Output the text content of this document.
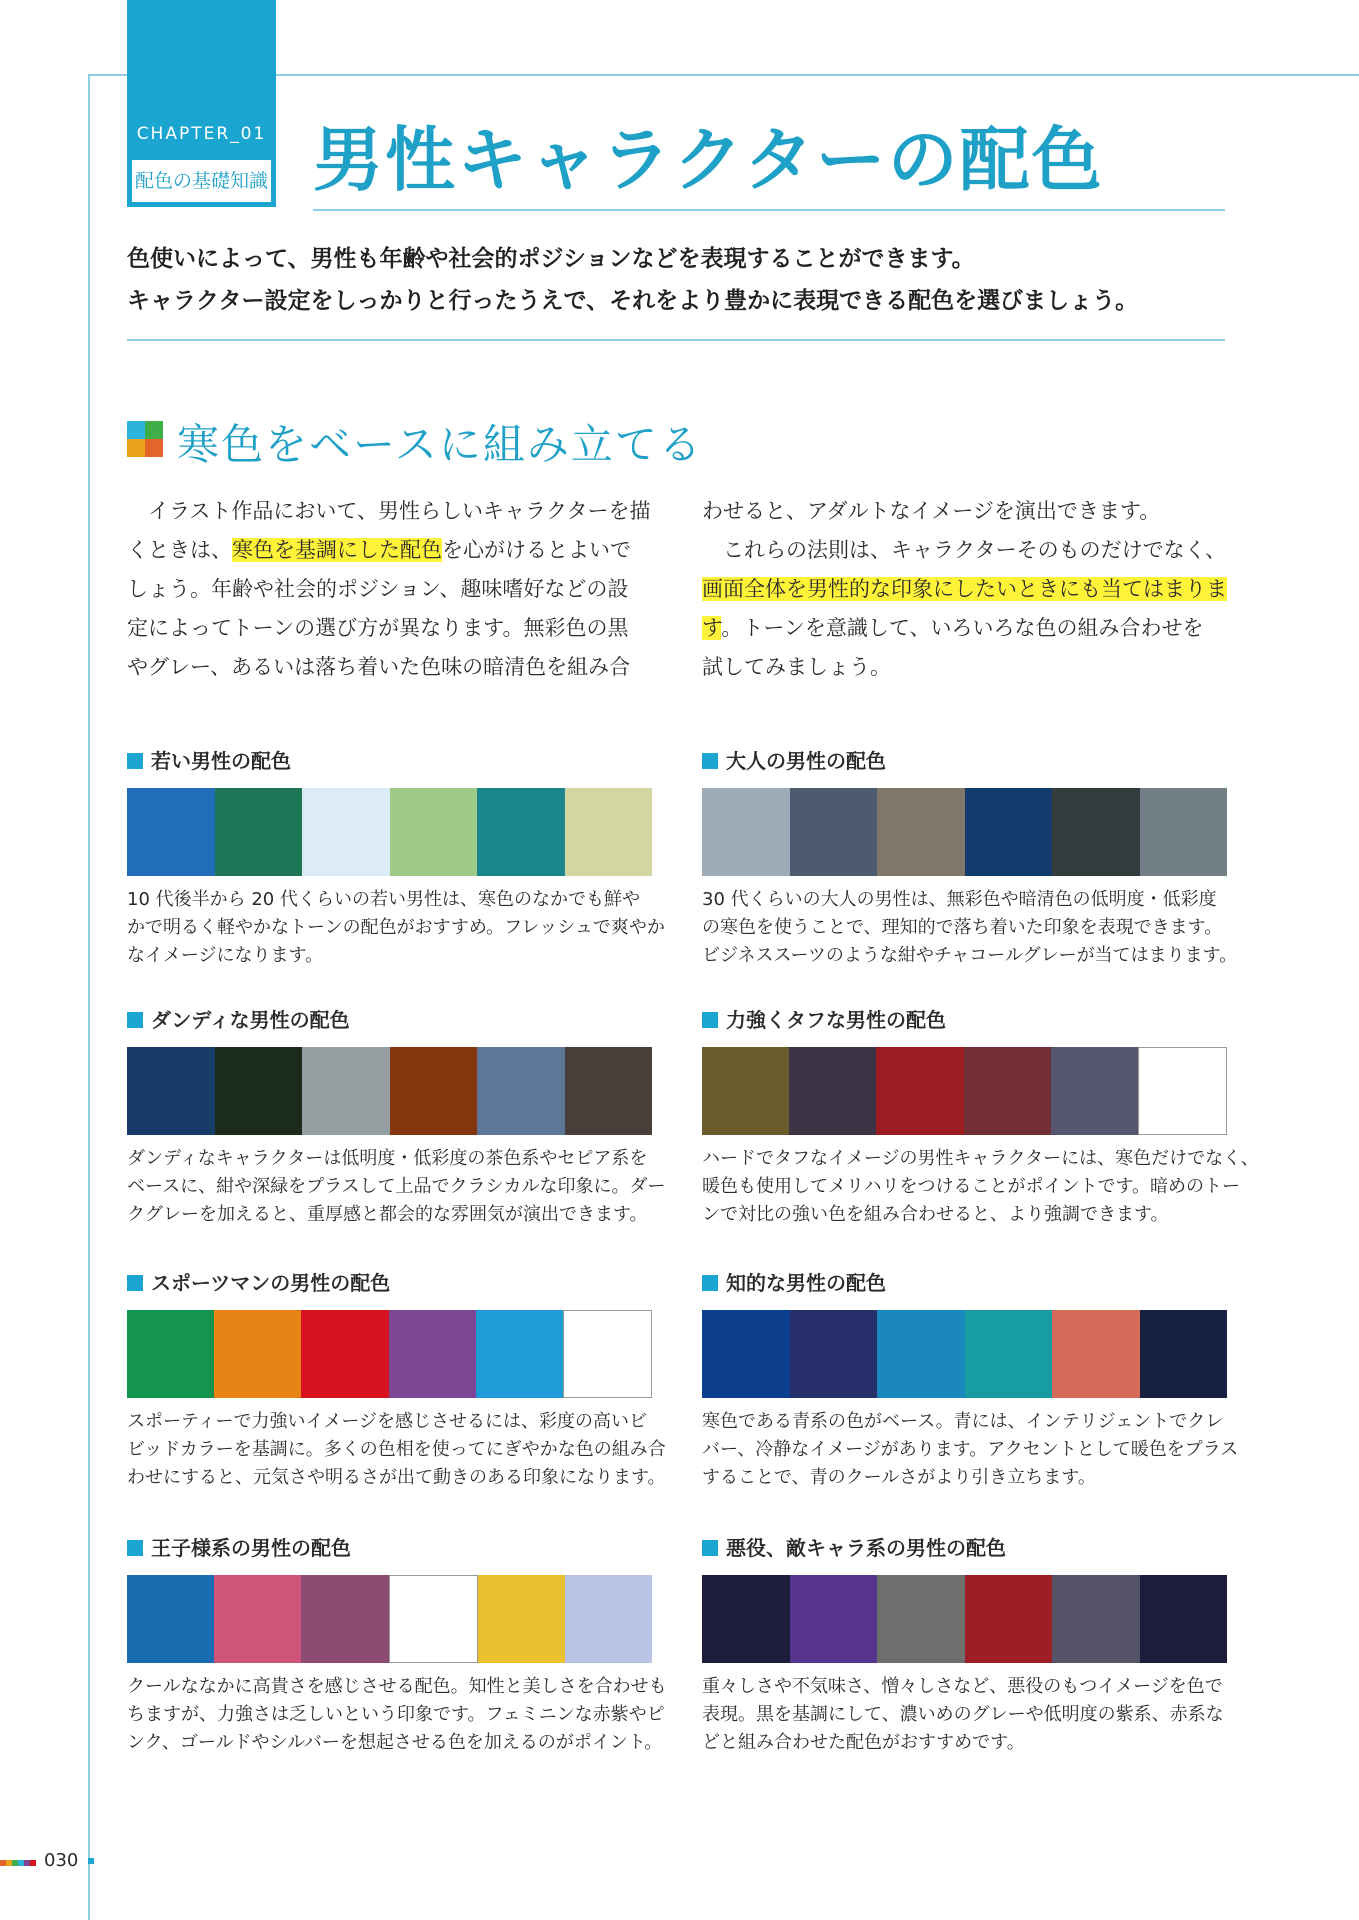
CHAPTER_01
配色の基礎知識 男性キャラクターの配色

色使いによって、男性も年齢や社会的ポジションなどを表現することができます。

キャラクター設定をしっかりと行ったうえで、それをより豊かに表現できる配色を選びましょう。

寒色をベースに組み立てる

　イラスト作品において、男性らしいキャラクターを描

くときは、寒色を基調にした配色を心がけるとよいで

しょう。年齢や社会的ポジション、趣味嗜好などの設

定によってトーンの選び方が異なります。無彩色の黒

やグレー、あるいは落ち着いた色味の暗清色を組み合

わせると、アダルトなイメージを演出できます。

　これらの法則は、キャラクターそのものだけでなく、

画面全体を男性的な印象にしたいときにも当てはまりま

す。トーンを意識して、いろいろな色の組み合わせを

試してみましょう。

若い男性の配色

10 代後半から 20 代くらいの若い男性は、寒色のなかでも鮮や

かで明るく軽やかなトーンの配色がおすすめ。フレッシュで爽やか

なイメージになります。

大人の男性の配色

30 代くらいの大人の男性は、無彩色や暗清色の低明度・低彩度

の寒色を使うことで、理知的で落ち着いた印象を表現できます。

ビジネススーツのような紺やチャコールグレーが当てはまります。

ダンディな男性の配色

ダンディなキャラクターは低明度・低彩度の茶色系やセピア系を

ベースに、紺や深緑をプラスして上品でクラシカルな印象に。ダー

クグレーを加えると、重厚感と都会的な雰囲気が演出できます。

力強くタフな男性の配色

ハードでタフなイメージの男性キャラクターには、寒色だけでなく、

暖色も使用してメリハリをつけることがポイントです。暗めのトー

ンで対比の強い色を組み合わせると、より強調できます。

スポーツマンの男性の配色

スポーティーで力強いイメージを感じさせるには、彩度の高いビ

ビッドカラーを基調に。多くの色相を使ってにぎやかな色の組み合

わせにすると、元気さや明るさが出て動きのある印象になります。

知的な男性の配色

寒色である青系の色がベース。青には、インテリジェントでクレ

バー、冷静なイメージがあります。アクセントとして暖色をプラス

することで、青のクールさがより引き立ちます。

王子様系の男性の配色

クールななかに高貴さを感じさせる配色。知性と美しさを合わせも

ちますが、力強さは乏しいという印象です。フェミニンな赤紫やピ

ンク、ゴールドやシルバーを想起させる色を加えるのがポイント。

悪役、敵キャラ系の男性の配色

重々しさや不気味さ、憎々しさなど、悪役のもつイメージを色で

表現。黒を基調にして、濃いめのグレーや低明度の紫系、赤系な

どと組み合わせた配色がおすすめです。

030
